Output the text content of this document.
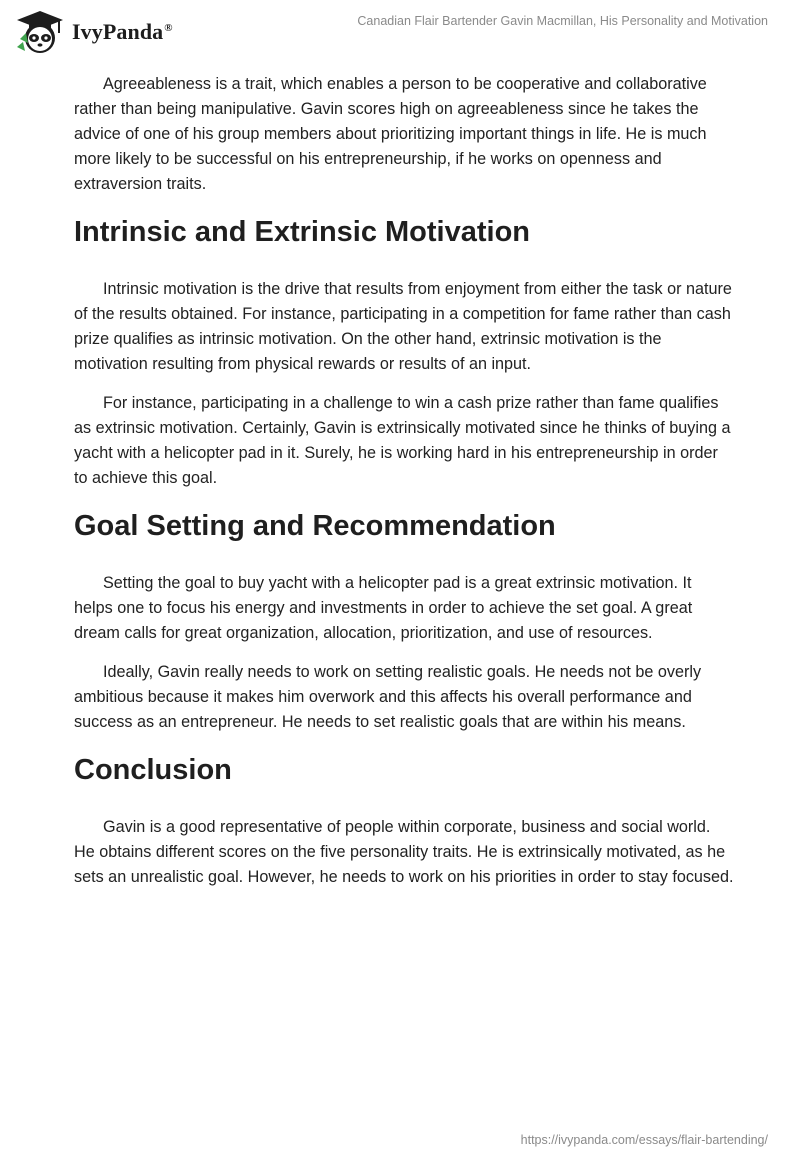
IvyPanda®	Canadian Flair Bartender Gavin Macmillan, His Personality and Motivation

Agreeableness is a trait, which enables a person to be cooperative and collaborative rather than being manipulative. Gavin scores high on agreeableness since he takes the advice of one of his group members about prioritizing important things in life. He is much more likely to be successful on his entrepreneurship, if he works on openness and extraversion traits.

Intrinsic and Extrinsic Motivation

Intrinsic motivation is the drive that results from enjoyment from either the task or nature of the results obtained. For instance, participating in a competition for fame rather than cash prize qualifies as intrinsic motivation. On the other hand, extrinsic motivation is the motivation resulting from physical rewards or results of an input.

For instance, participating in a challenge to win a cash prize rather than fame qualifies as extrinsic motivation. Certainly, Gavin is extrinsically motivated since he thinks of buying a yacht with a helicopter pad in it. Surely, he is working hard in his entrepreneurship in order to achieve this goal.

Goal Setting and Recommendation

Setting the goal to buy yacht with a helicopter pad is a great extrinsic motivation. It helps one to focus his energy and investments in order to achieve the set goal. A great dream calls for great organization, allocation, prioritization, and use of resources.

Ideally, Gavin really needs to work on setting realistic goals. He needs not be overly ambitious because it makes him overwork and this affects his overall performance and success as an entrepreneur. He needs to set realistic goals that are within his means.

Conclusion

Gavin is a good representative of people within corporate, business and social world. He obtains different scores on the five personality traits. He is extrinsically motivated, as he sets an unrealistic goal. However, he needs to work on his priorities in order to stay focused.

https://ivypanda.com/essays/flair-bartending/
